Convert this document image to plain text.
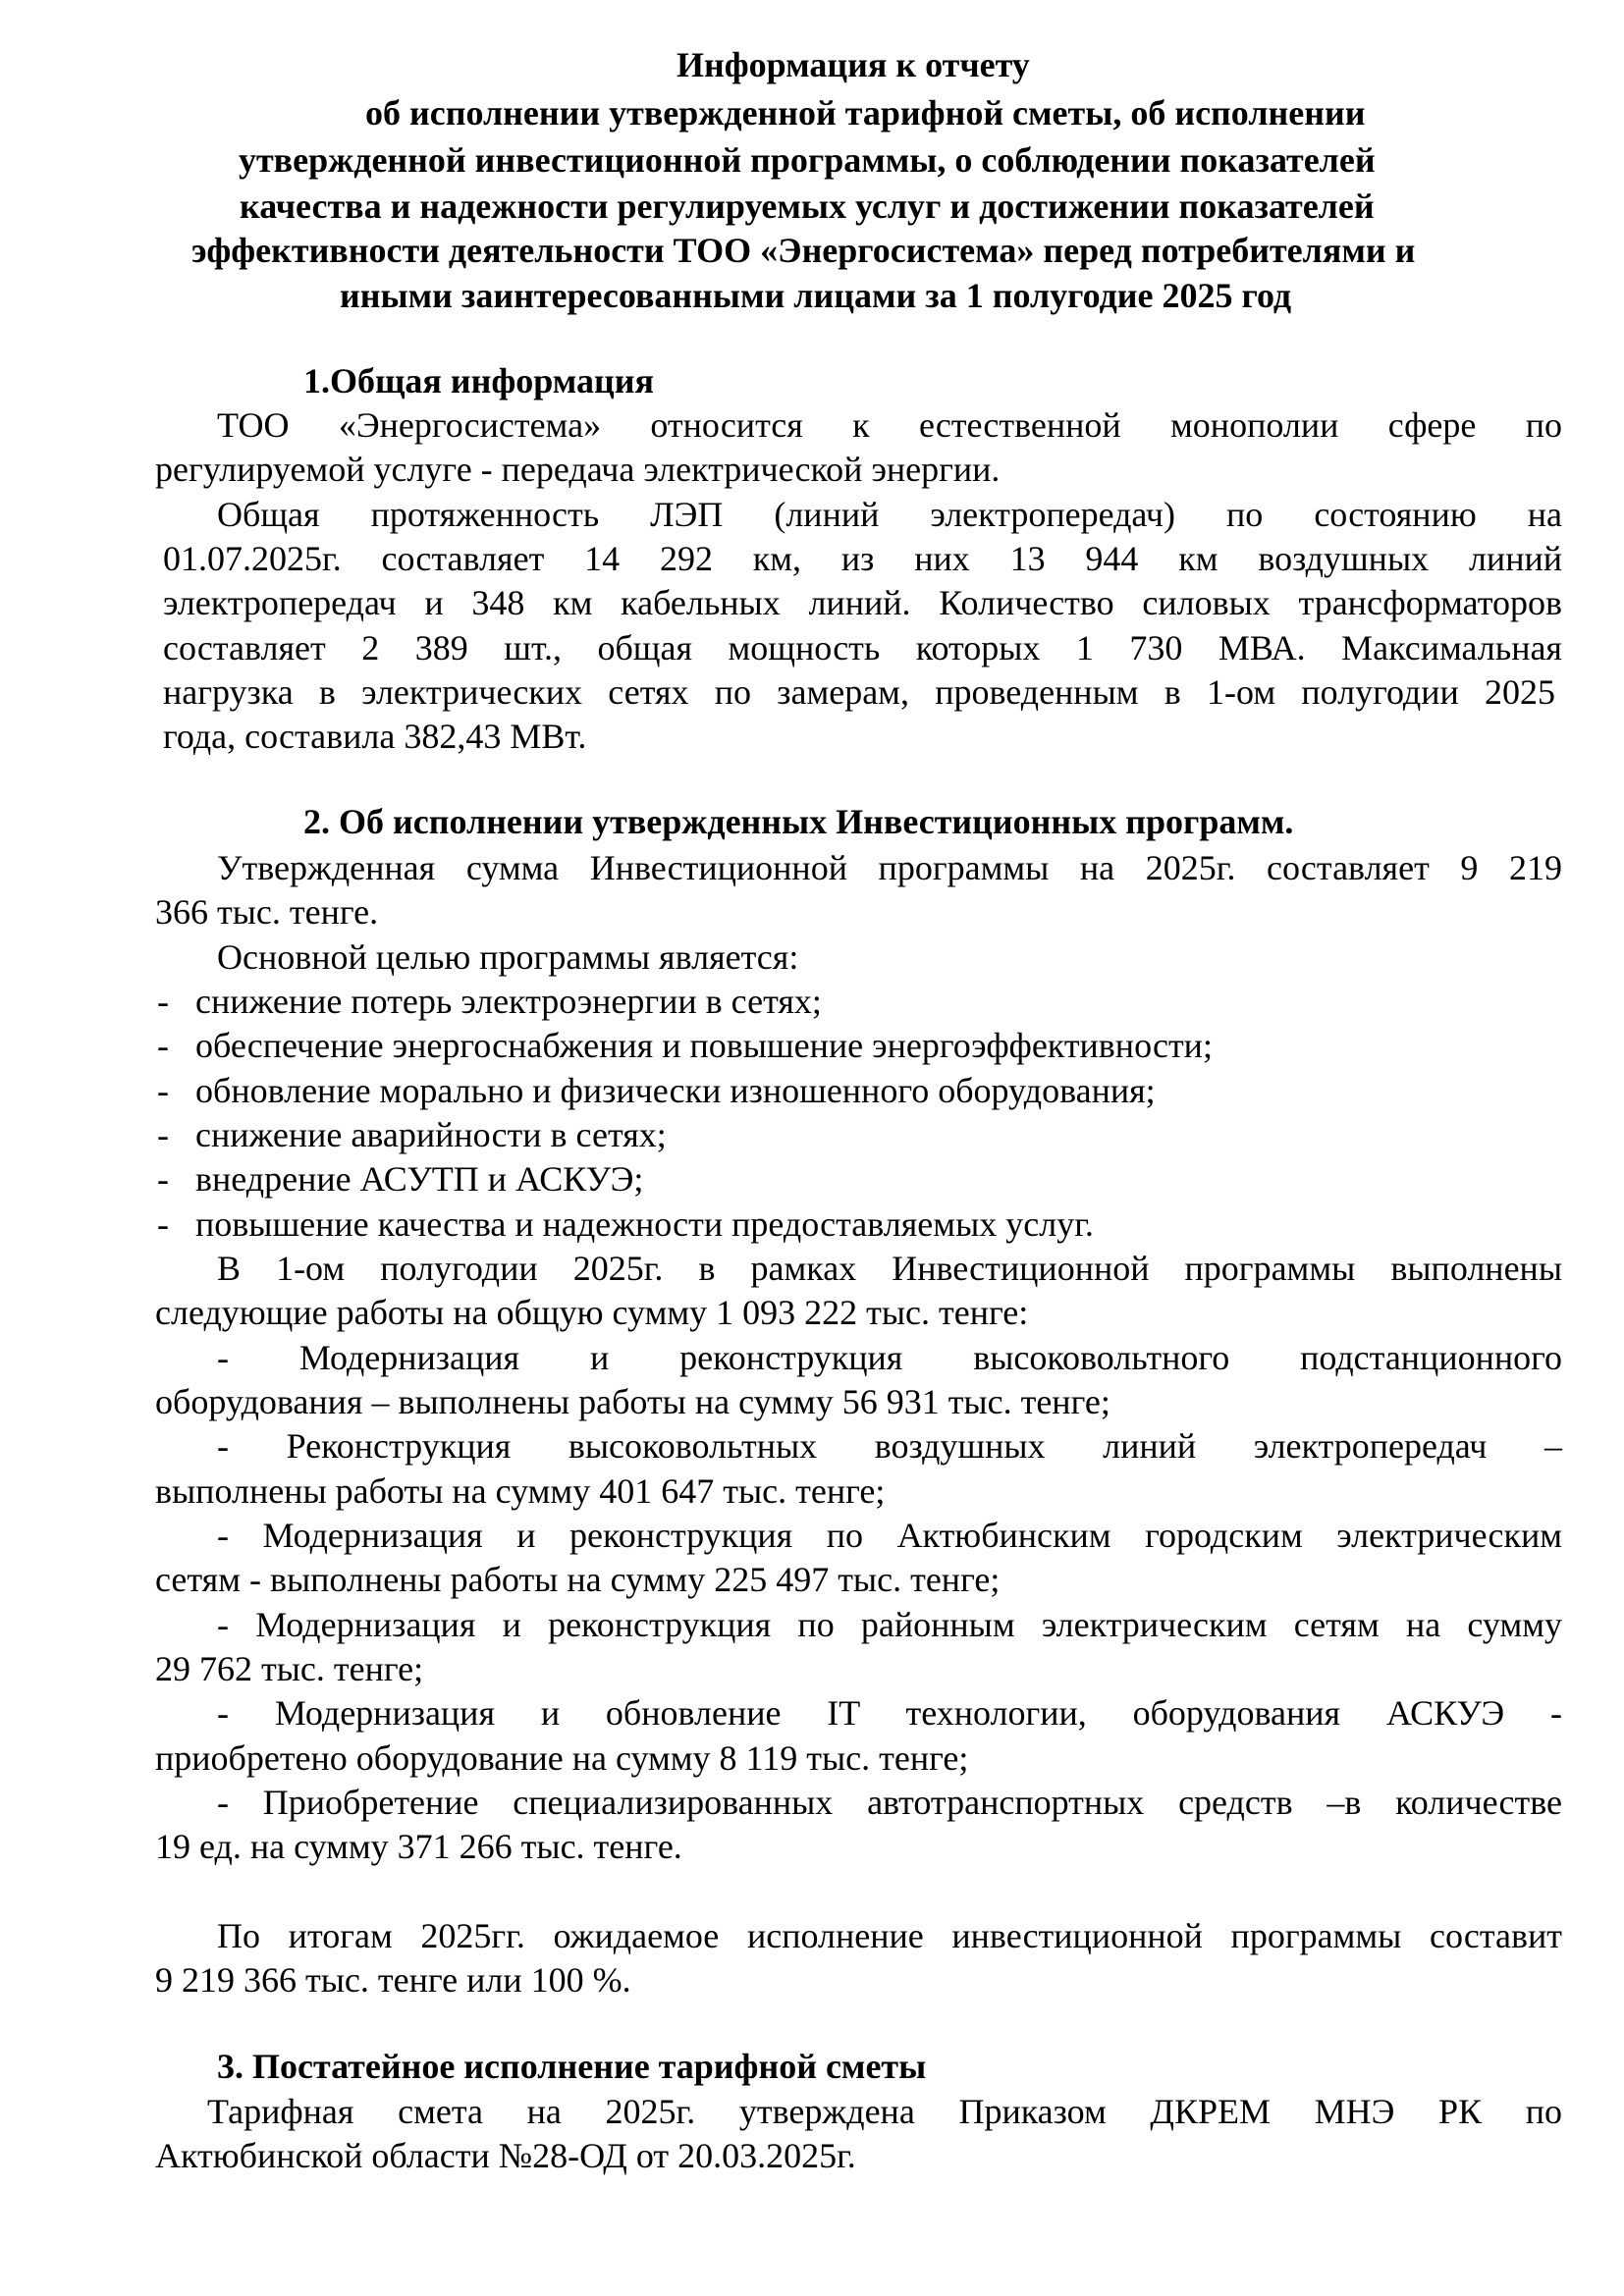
Информация к отчету
об исполнении утвержденной тарифной сметы, об исполнении
утвержденной инвестиционной программы, о соблюдении показателей
качества и надежности регулируемых услуг и достижении показателей
эффективности деятельности ТОО «Энергосистема» перед потребителями и
иными заинтересованными лицами за 1 полугодие 2025 год
1.Общая информация
ТОО «Энергосистема» относится к естественной монополии сфере по
регулируемой услуге - передача электрической энергии.
Общая протяженность ЛЭП (линий электропередач) по состоянию на
01.07.2025г. составляет 14 292 км, из них 13 944 км воздушных линий
электропередач и 348 км кабельных линий. Количество силовых трансформаторов
составляет 2 389 шт., общая мощность которых 1 730 МВА. Максимальная
нагрузка в электрических сетях по замерам, проведенным в 1-ом полугодии 2025
года, составила 382,43 МВт.
2. Об исполнении утвержденных Инвестиционных программ.
Утвержденная сумма Инвестиционной программы на 2025г. составляет 9 219
366 тыс. тенге.
Основной целью программы является:
- снижение потерь электроэнергии в сетях;
- обеспечение энергоснабжения и повышение энергоэффективности;
- обновление морально и физически изношенного оборудования;
- снижение аварийности в сетях;
- внедрение АСУТП и АСКУЭ;
- повышение качества и надежности предоставляемых услуг.
В 1-ом полугодии 2025г. в рамках Инвестиционной программы выполнены
следующие работы на общую сумму 1 093 222 тыс. тенге:
- Модернизация и реконструкция высоковольтного подстанционного
оборудования – выполнены работы на сумму 56 931 тыс. тенге;
- Реконструкция высоковольтных воздушных линий электропередач –
выполнены работы на сумму 401 647 тыс. тенге;
- Модернизация и реконструкция по Актюбинским городским электрическим
сетям - выполнены работы на сумму 225 497 тыс. тенге;
- Модернизация и реконструкция по районным электрическим сетям на сумму
29 762 тыс. тенге;
- Модернизация и обновление IT технологии, оборудования АСКУЭ -
приобретено оборудование на сумму 8 119 тыс. тенге;
- Приобретение специализированных автотранспортных средств –в количестве
19 ед. на сумму 371 266 тыс. тенге.
По итогам 2025гг. ожидаемое исполнение инвестиционной программы составит
9 219 366 тыс. тенге или 100 %.
3. Постатейное исполнение тарифной сметы
Тарифная смета на 2025г. утверждена Приказом ДКРЕМ МНЭ РК по
Актюбинской области №28-ОД от 20.03.2025г.
